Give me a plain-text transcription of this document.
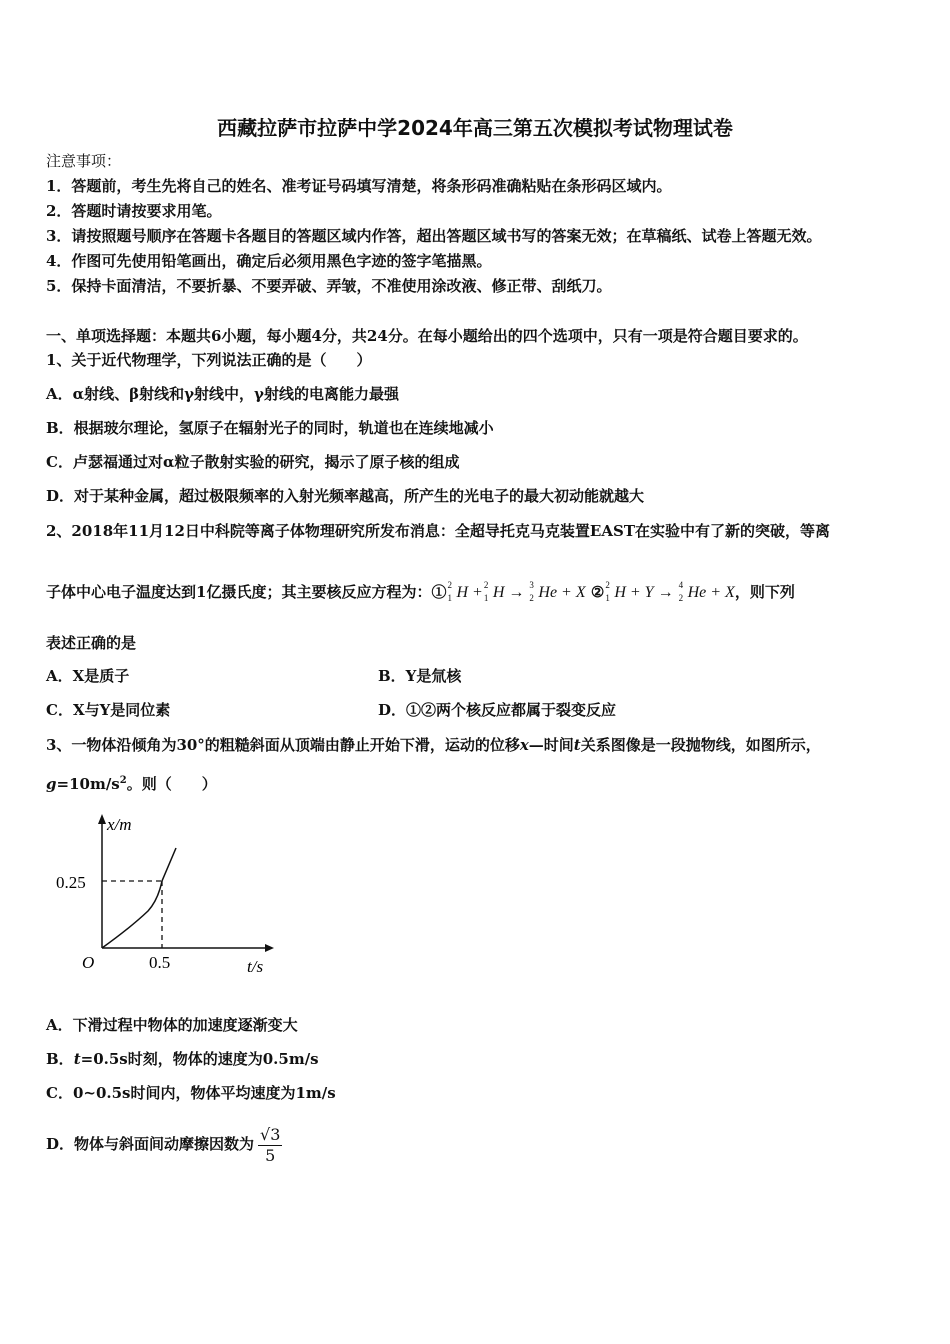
西藏拉萨市拉萨中学2024年高三第五次模拟考试物理试卷
注意事项：
1．答题前，考生先将自己的姓名、准考证号码填写清楚，将条形码准确粘贴在条形码区域内。
2．答题时请按要求用笔。
3．请按照题号顺序在答题卡各题目的答题区域内作答，超出答题区域书写的答案无效；在草稿纸、试卷上答题无效。
4．作图可先使用铅笔画出，确定后必须用黑色字迹的签字笔描黑。
5．保持卡面清洁，不要折暴、不要弄破、弄皱，不准使用涂改液、修正带、刮纸刀。
一、单项选择题：本题共6小题，每小题4分，共24分。在每小题给出的四个选项中，只有一项是符合题目要求的。
1、关于近代物理学，下列说法正确的是（　　）
A．α射线、β射线和γ射线中，γ射线的电离能力最强
B．根据玻尔理论，氢原子在辐射光子的同时，轨道也在连续地减小
C．卢瑟福通过对α粒子散射实验的研究，揭示了原子核的组成
D．对于某种金属，超过极限频率的入射光频率越高，所产生的光电子的最大初动能就越大
2、2018年11月12日中科院等离子体物理研究所发布消息：全超导托克马克装置EAST在实验中有了新的突破，等离
子体中心电子温度达到1亿摄氏度；其主要核反应方程为：① 2
1 H + 2
1 H → 3
2 He + X ② 2
1 H + Y → 4
2 He + X，则下列
表述正确的是
A．X是质子	B．Y是氚核
C．X与Y是同位素	D．①②两个核反应都属于裂变反应
3、一物体沿倾角为30°的粗糙斜面从顶端由静止开始下滑，运动的位移x—时间t关系图像是一段抛物线，如图所示，
$g=10m/s^2$。则（　　）
x/m
t/s
O
0.25
0.5
A．下滑过程中物体的加速度逐渐变大
B．t=0.5s时刻，物体的速度为0.5m/s
C．0~0.5s时间内，物体平均速度为1m/s
D．物体与斜面间动摩擦因数为 $\frac{√3}{5}$
